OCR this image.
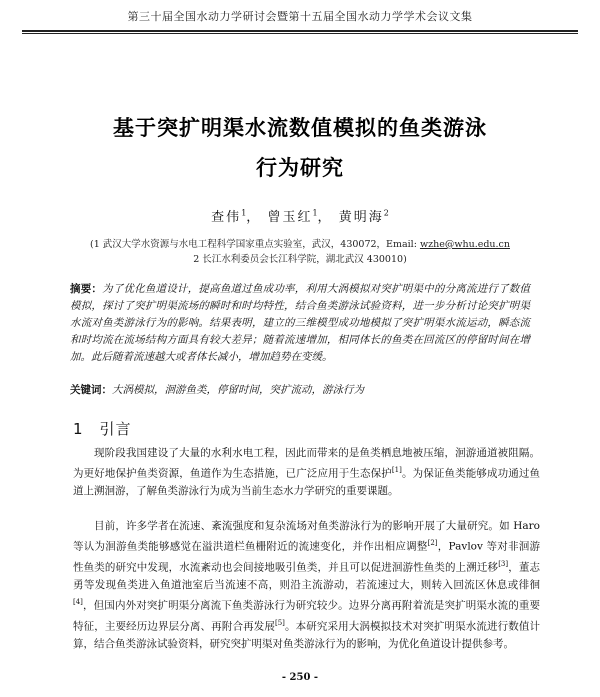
第三十届全国水动力学研讨会暨第十五届全国水动力学学术会议文集
基于突扩明渠水流数值模拟的鱼类游泳
行为研究
查伟$^1$， 曾玉红$^1$， 黄明海$^2$
(1 武汉大学水资源与水电工程科学国家重点实验室，武汉，430072，Email: wzhe@whu.edu.cn
2 长江水利委员会长江科学院，湖北武汉 430010)
摘要：为了优化鱼道设计，提高鱼道过鱼成功率，利用大涡模拟对突扩明渠中的分离流进行了数值模拟，探讨了突扩明渠流场的瞬时和时均特性，结合鱼类游泳试验资料，进一步分析讨论突扩明渠水流对鱼类游泳行为的影响。结果表明，建立的三维模型成功地模拟了突扩明渠水流运动，瞬态流和时均流在流场结构方面具有较大差异；随着流速增加，相同体长的鱼类在回流区的停留时间在增加。此后随着流速越大或者体长减小，增加趋势在变缓。
关键词：大涡模拟，洄游鱼类，停留时间，突扩流动，游泳行为
1 引言
现阶段我国建设了大量的水利水电工程，因此而带来的是鱼类栖息地被压缩，洄游通道被阻隔。为更好地保护鱼类资源，鱼道作为生态措施，已广泛应用于生态保护[1]。为保证鱼类能够成功通过鱼道上溯洄游，了解鱼类游泳行为成为当前生态水力学研究的重要课题。
目前，许多学者在流速、紊流强度和复杂流场对鱼类游泳行为的影响开展了大量研究。如 Haro 等认为洄游鱼类能够感觉在溢洪道栏鱼栅附近的流速变化，并作出相应调整[2]，Pavlov 等对非洄游性鱼类的研究中发现，水流紊动也会间接地吸引鱼类，并且可以促进洄游性鱼类的上溯迁移[3]，董志勇等发现鱼类进入鱼道池室后当流速不高，则沿主流游动，若流速过大，则转入回流区休息或徘徊[4]，但国内外对突扩明渠分离流下鱼类游泳行为研究较少。边界分离再附着流是突扩明渠水流的重要特征，主要经历边界层分离、再附合再发展[5]。本研究采用大涡模拟技术对突扩明渠水流进行数值计算，结合鱼类游泳试验资料，研究突扩明渠对鱼类游泳行为的影响，为优化鱼道设计提供参考。
- 250 -
